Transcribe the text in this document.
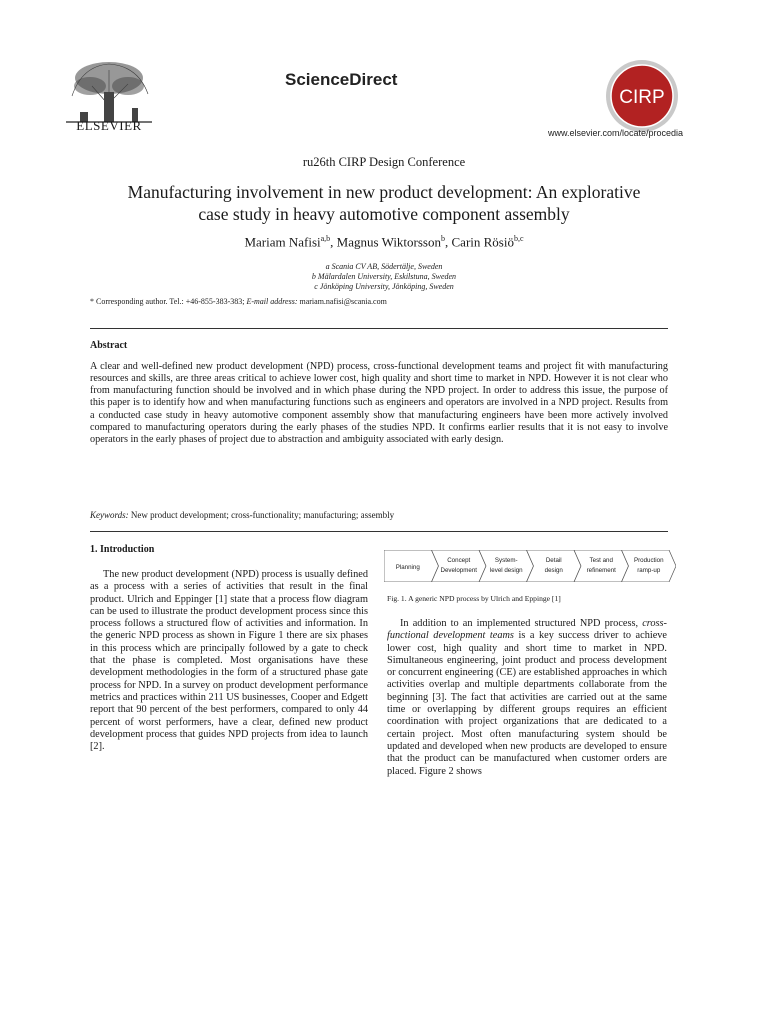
ELSEVIER
ScienceDirect
CIRP
www.elsevier.com/locate/procedia
ru26th CIRP Design Conference
Manufacturing involvement in new product development: An explorative
case study in heavy automotive component assembly
Mariam Nafisi$^{a,b}$, Magnus Wiktorsson$^b$, Carin Rösiö$^{b,c}$
a Scania CV AB, Södertälje, Sweden
b Mälardalen University, Eskilstuna, Sweden
c Jönköping University, Jönköping, Sweden
* Corresponding author. Tel.: +46-855-383-383; E-mail address: mariam.nafisi@scania.com
Abstract
A clear and well-defined new product development (NPD) process, cross-functional development teams and project fit with manufacturing resources and skills, are three areas critical to achieve lower cost, high quality and short time to market in NPD. However it is not clear who from manufacturing function should be involved and in which phase during the NPD project. In order to address this issue, the purpose of this paper is to identify how and when manufacturing functions such as engineers and operators are involved in a NPD project. Results from a conducted case study in heavy automotive component assembly show that manufacturing engineers have been more actively involved compared to manufacturing operators during the early phases of the studies NPD. It confirms earlier results that it is not easy to involve operators in the early phases of project due to abstraction and ambiguity associated with early design.
Keywords: New product development; cross-functionality; manufacturing; assembly
1. Introduction
The new product development (NPD) process is usually defined as a process with a series of activities that result in the final product. Ulrich and Eppinger [1] state that a process flow diagram can be used to illustrate the product development process since this process follows a structured flow of activities and information. In the generic NPD process as shown in Figure 1 there are six phases in this process which are principally followed by a gate to check that the phase is completed. Most organisations have these development methodologies in the form of a structured phase gate process for NPD. In a survey on product development performance metrics and practices within 211 US businesses, Cooper and Edgett report that 90 percent of the best performers, compared to only 44 percent of worst performers, have a clear, defined new product development process that guides NPD projects from idea to launch [2].
Planning
Concept
Development
System-
level design
Detail
design
Test and
refinement
Production
ramp-up
Fig. 1. A generic NPD process by Ulrich and Eppinge [1]
In addition to an implemented structured NPD process, cross-functional development teams is a key success driver to achieve lower cost, high quality and short time to market in NPD. Simultaneous engineering, joint product and process development or concurrent engineering (CE) are established approaches in which activities overlap and multiple departments collaborate from the beginning [3]. The fact that activities are carried out at the same time or overlapping by different groups requires an efficient coordination with project organizations that are dedicated to a certain project. Most often manufacturing system should be updated and developed when new products are developed to ensure that the product can be manufactured when customer orders are placed. Figure 2 shows
